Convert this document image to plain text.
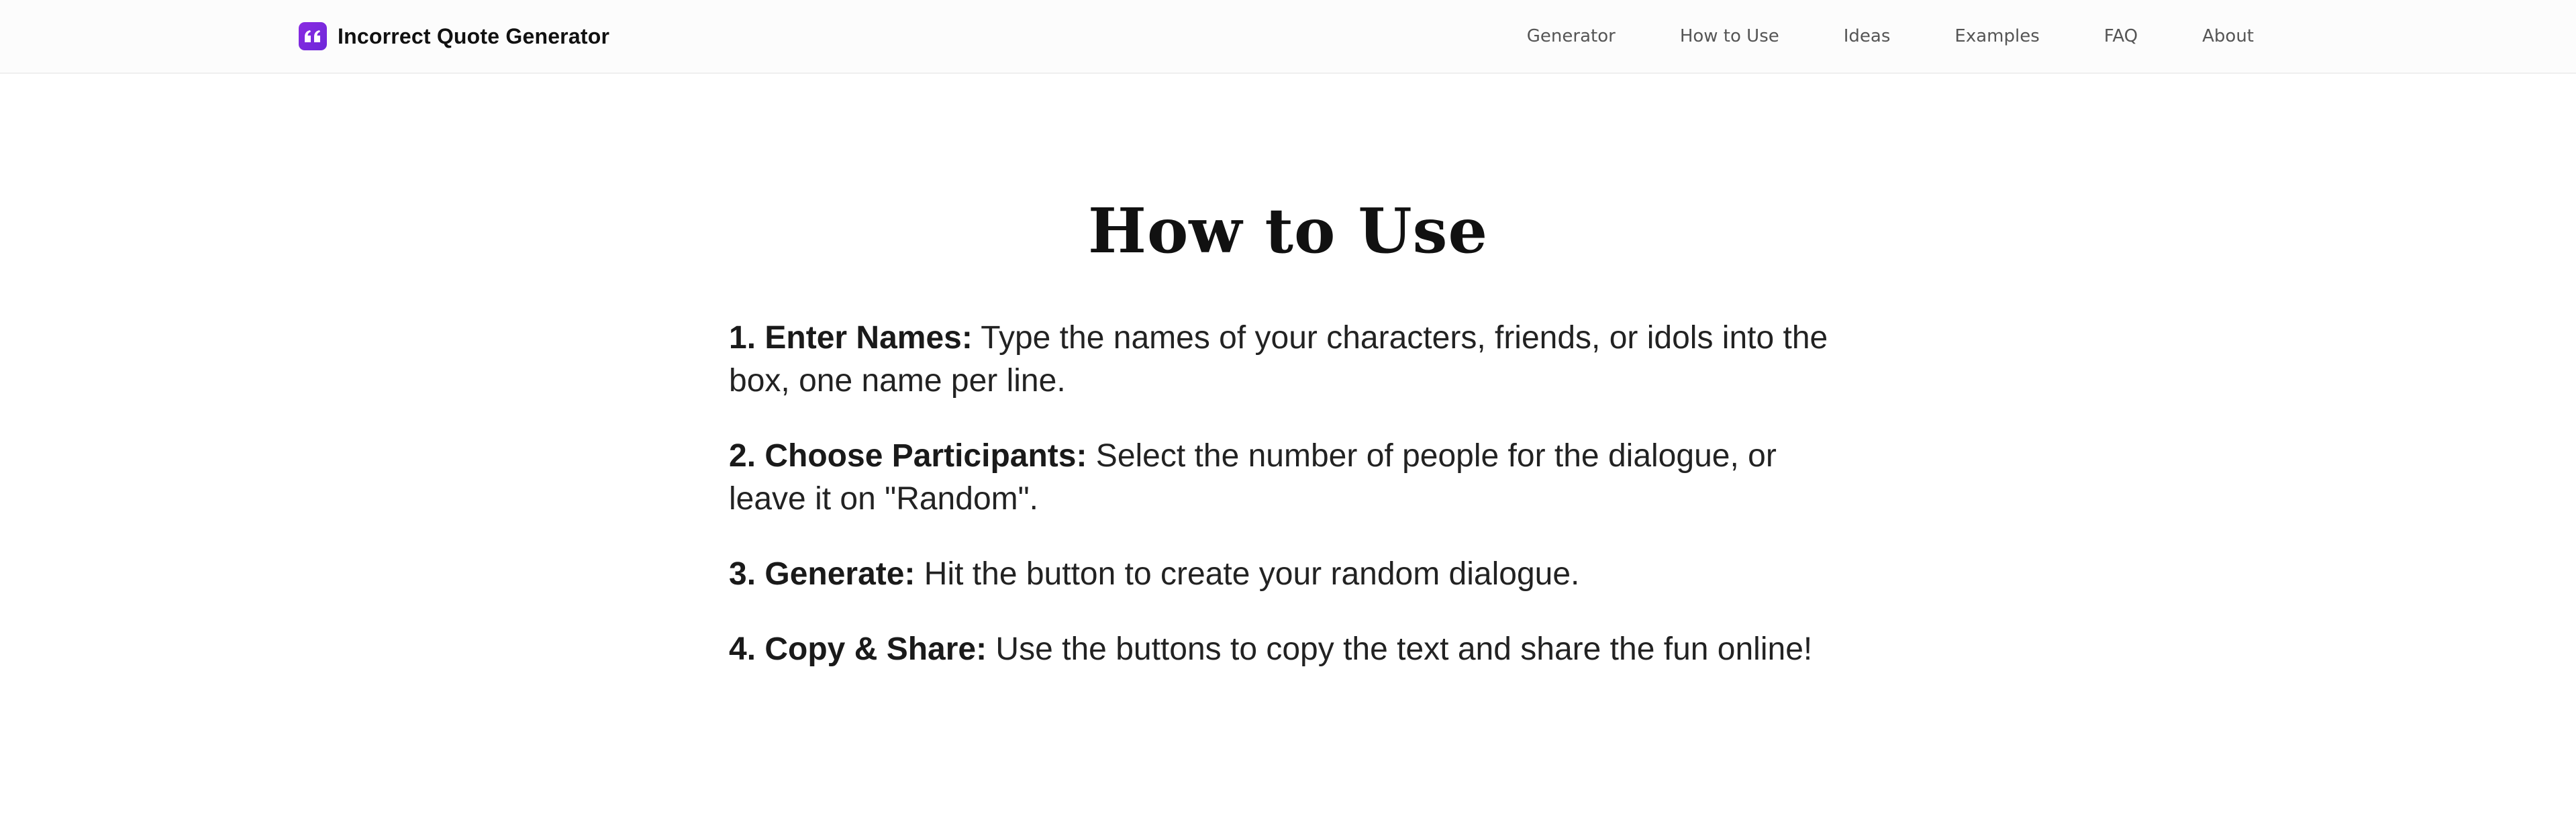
Incorrect Quote Generator	Generator	How to Use	Ideas	Examples	FAQ	About
How to Use
1. Enter Names: Type the names of your characters, friends, or idols into the box, one name per line.
2. Choose Participants: Select the number of people for the dialogue, or leave it on "Random".
3. Generate: Hit the button to create your random dialogue.
4. Copy & Share: Use the buttons to copy the text and share the fun online!
